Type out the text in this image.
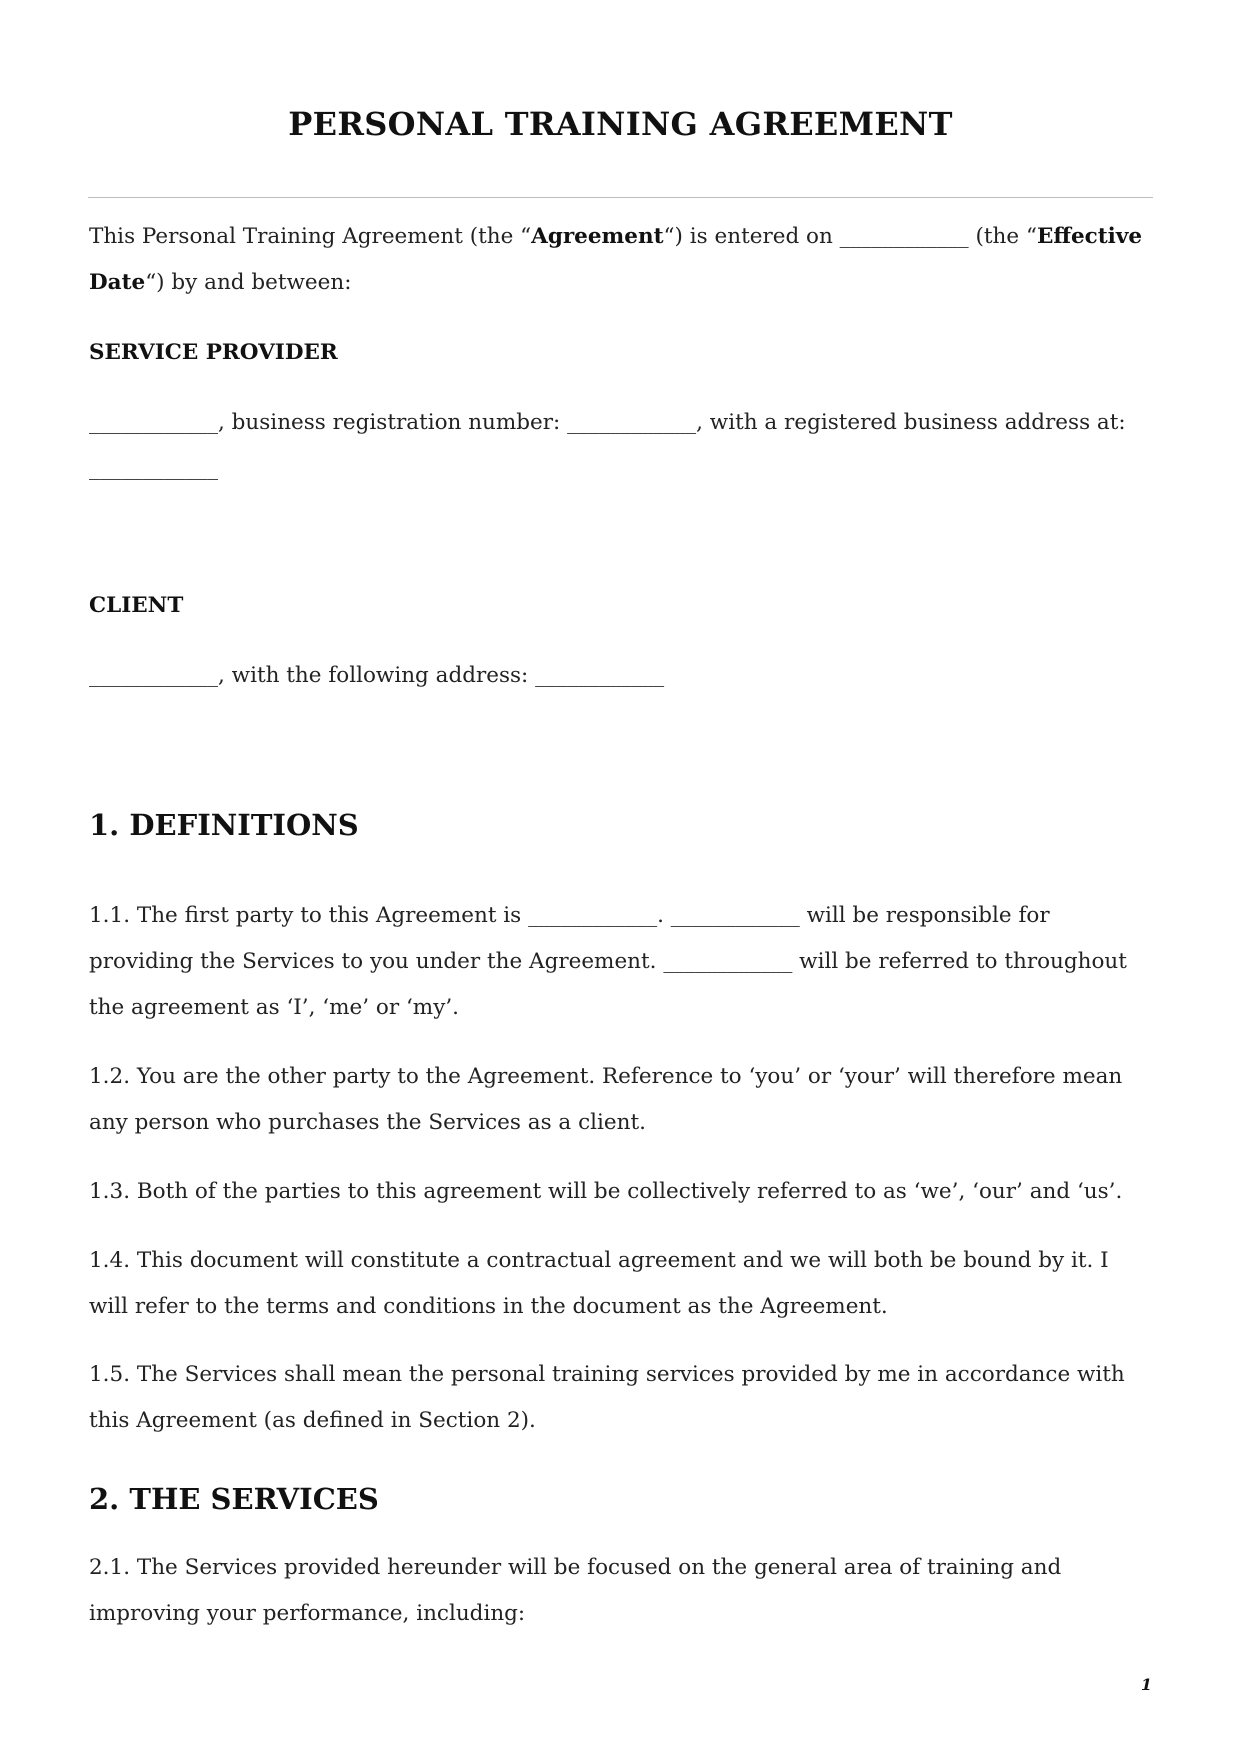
PERSONAL TRAINING AGREEMENT

This Personal Training Agreement (the “Agreement“) is entered on ____________ (the “Effective Date“) by and between:

SERVICE PROVIDER

____________, business registration number: ____________, with a registered business address at:
____________

CLIENT

____________, with the following address: ____________

1. DEFINITIONS

1.1. The first party to this Agreement is ____________. ____________ will be responsible for providing the Services to you under the Agreement. ____________ will be referred to throughout the agreement as ‘I’, ‘me’ or ‘my’.

1.2. You are the other party to the Agreement. Reference to ‘you’ or ‘your’ will therefore mean any person who purchases the Services as a client.

1.3. Both of the parties to this agreement will be collectively referred to as ‘we’, ‘our’ and ‘us’.

1.4. This document will constitute a contractual agreement and we will both be bound by it. I will refer to the terms and conditions in the document as the Agreement.

1.5. The Services shall mean the personal training services provided by me in accordance with this Agreement (as defined in Section 2).

2. THE SERVICES

2.1. The Services provided hereunder will be focused on the general area of training and improving your performance, including:

1
